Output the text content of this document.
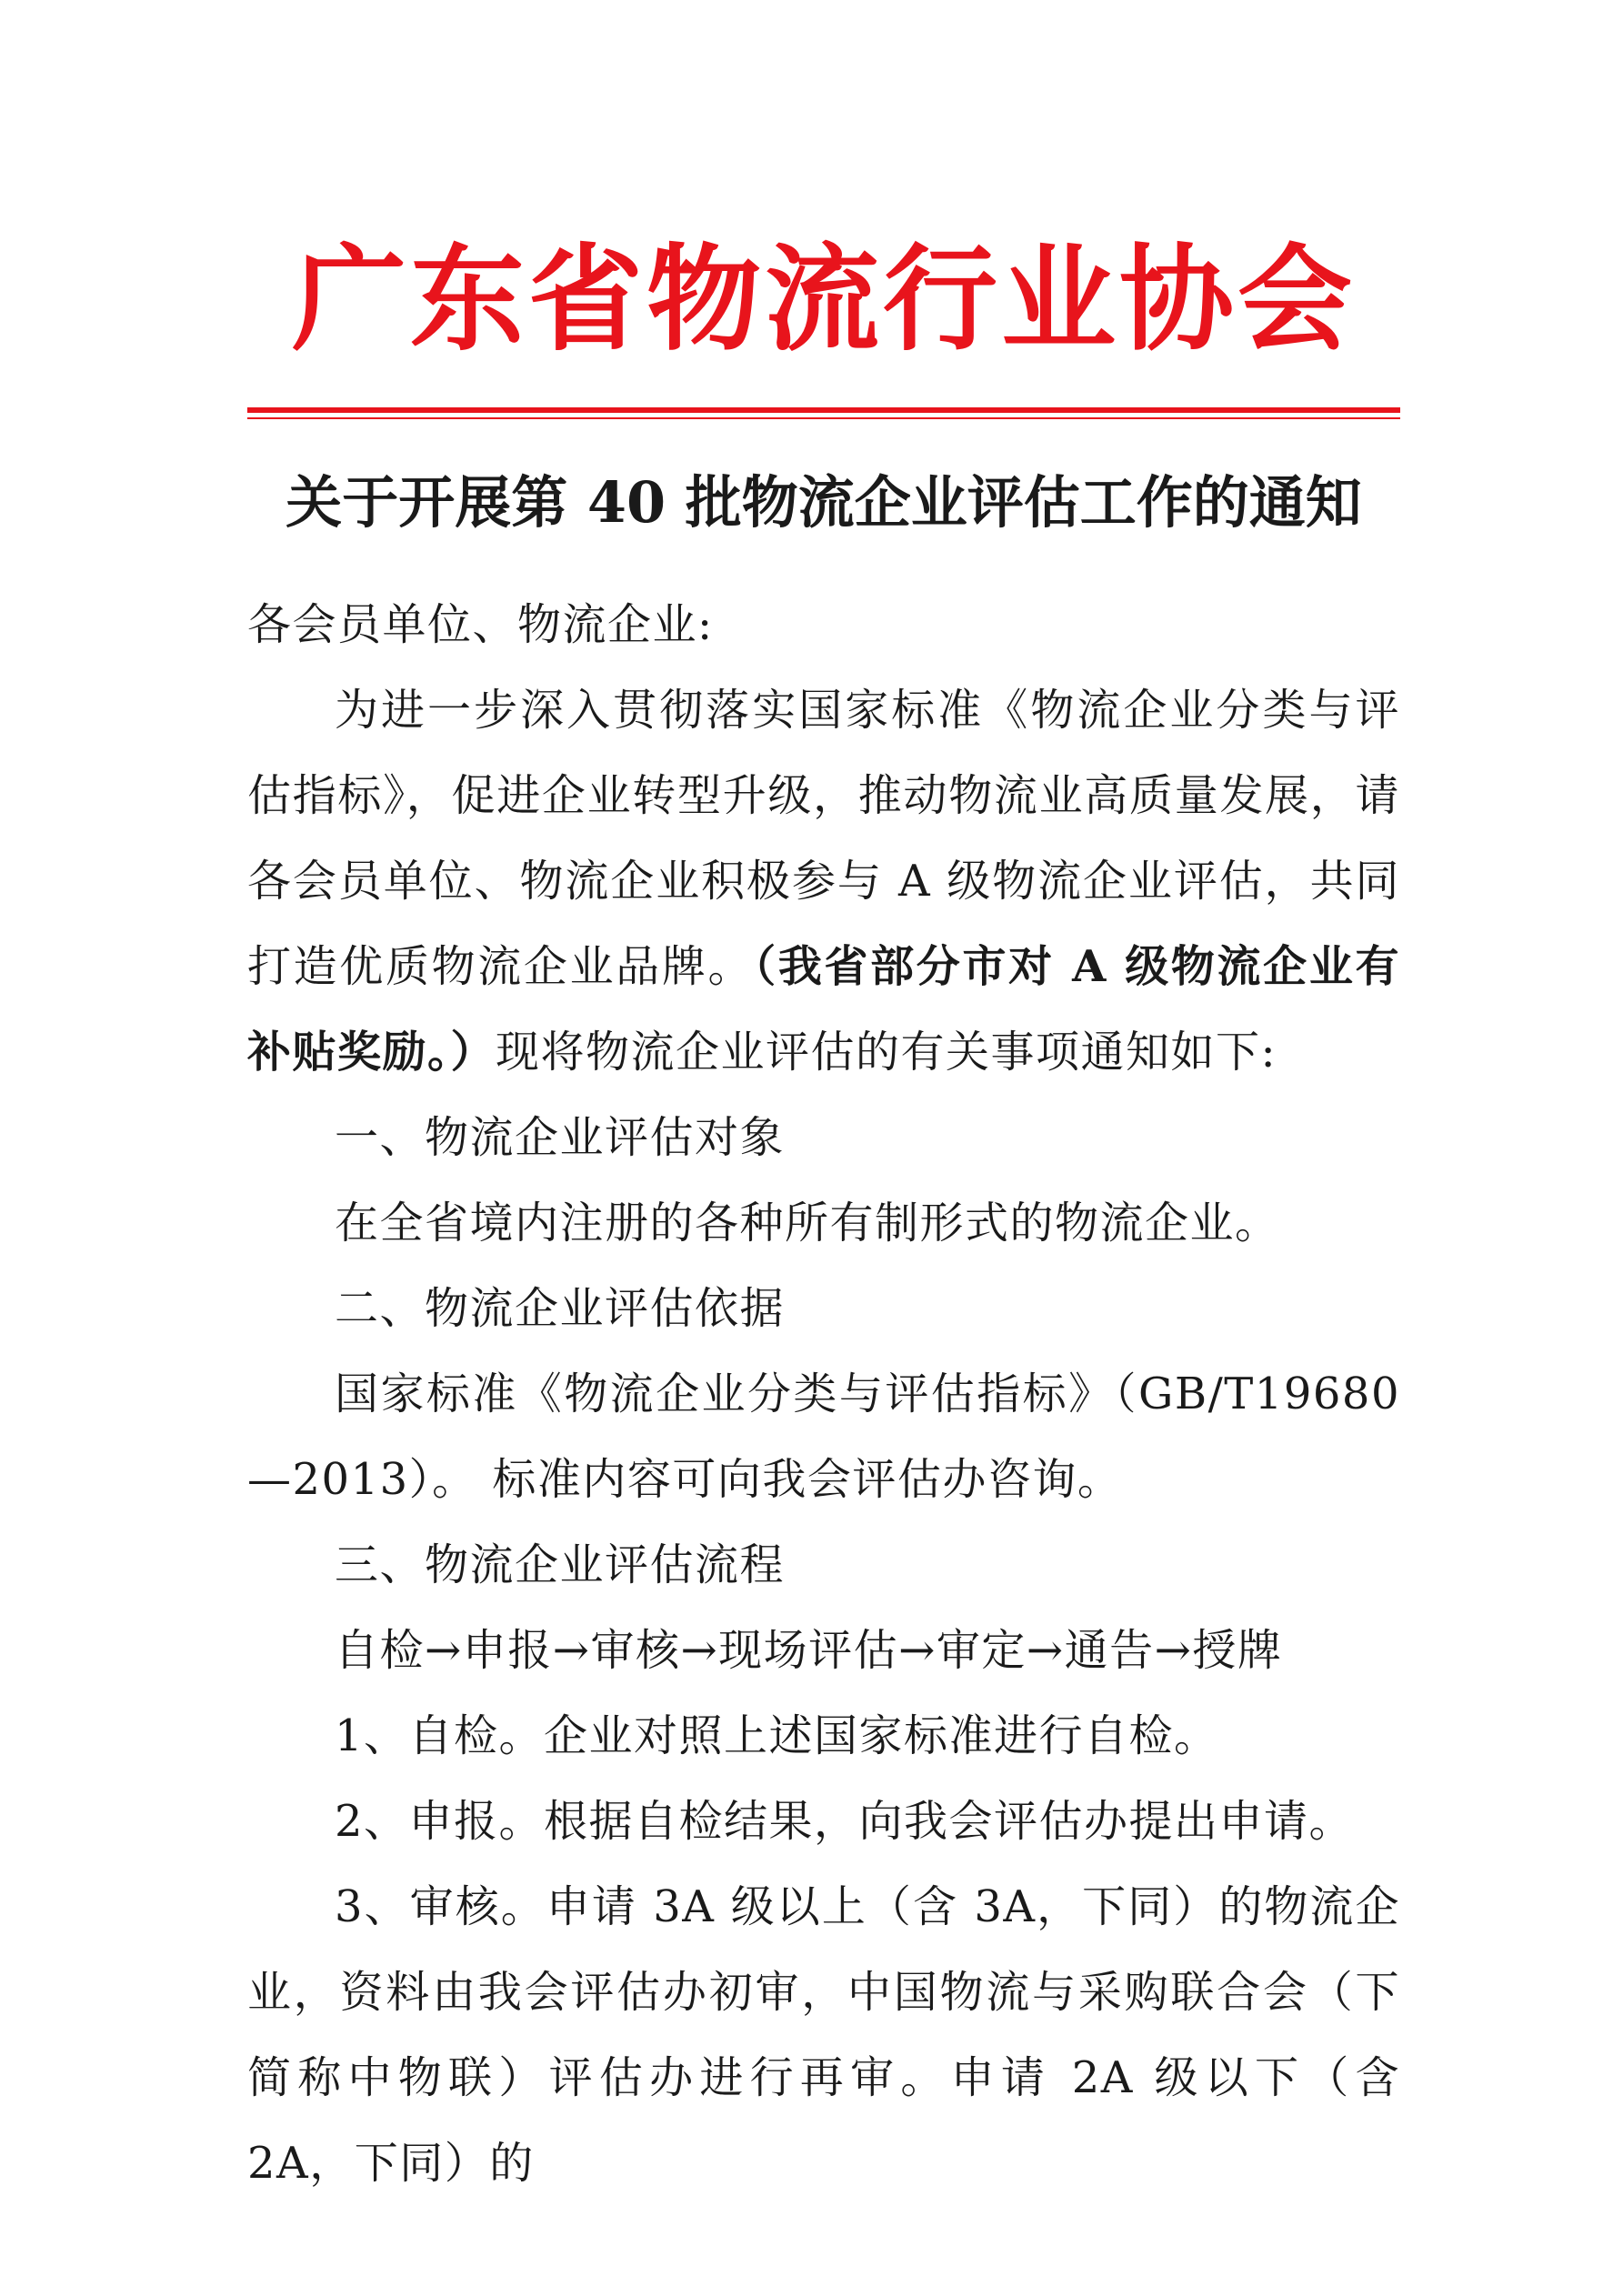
广东省物流行业协会
关于开展第 40 批物流企业评估工作的通知

各会员单位、物流企业:

为进一步深入贯彻落实国家标准《物流企业分类与评估指标》，促进企业转型升级，推动物流业高质量发展，请各会员单位、物流企业积极参与 A 级物流企业评估，共同打造优质物流企业品牌。（我省部分市对 A 级物流企业有补贴奖励。）现将物流企业评估的有关事项通知如下:

一、物流企业评估对象

在全省境内注册的各种所有制形式的物流企业。

二、物流企业评估依据

国家标准《物流企业分类与评估指标》（GB/T19680—2013）。 标准内容可向我会评估办咨询。

三、物流企业评估流程

自检→申报→审核→现场评估→审定→通告→授牌

1、自检。企业对照上述国家标准进行自检。

2、申报。根据自检结果，向我会评估办提出申请。

3、审核。申请 3A 级以上（含 3A，下同）的物流企业，资料由我会评估办初审，中国物流与采购联合会（下简称中物联）评估办进行再审。申请 2A 级以下（含 2A，下同）的
